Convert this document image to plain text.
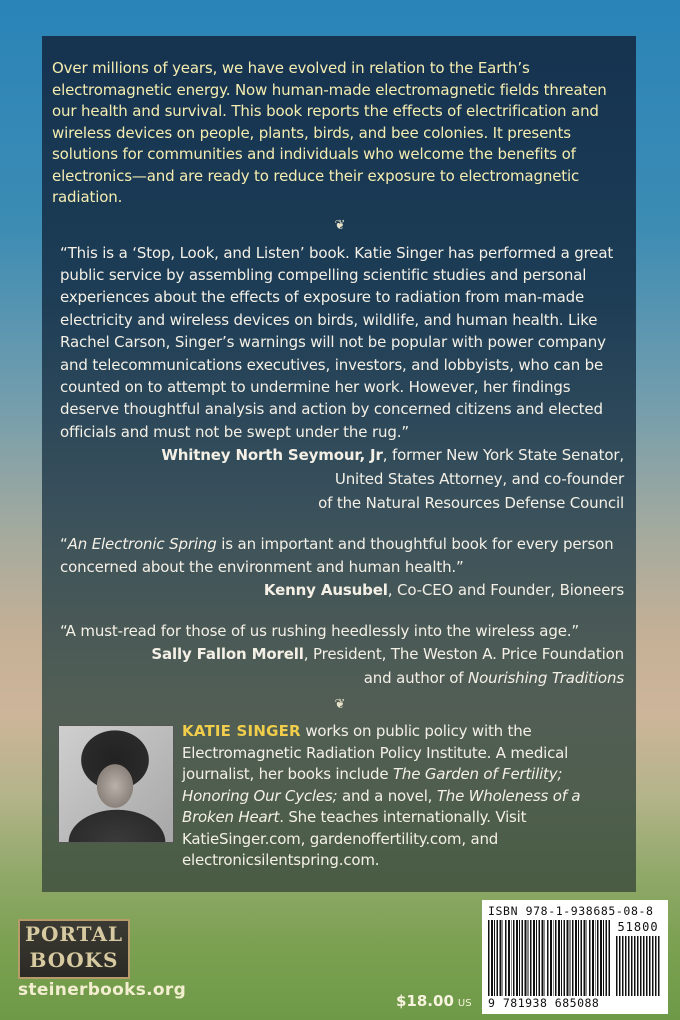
Over millions of years, we have evolved in relation to the Earth’s electromagnetic energy. Now human-made electromagnetic fields threaten our health and survival. This book reports the effects of electrification and wireless devices on people, plants, birds, and bee colonies. It presents solutions for communities and individuals who welcome the benefits of electronics—and are ready to reduce their exposure to electromagnetic radiation.

❦

“This is a ‘Stop, Look, and Listen’ book. Katie Singer has performed a great public service by assembling compelling scientific studies and personal experiences about the effects of exposure to radiation from man-made electricity and wireless devices on birds, wildlife, and human health. Like Rachel Carson, Singer’s warnings will not be popular with power company and telecommunications executives, investors, and lobbyists, who can be counted on to attempt to undermine her work. However, her findings deserve thoughtful analysis and action by concerned citizens and elected officials and must not be swept under the rug.”

Whitney North Seymour, Jr, former New York State Senator,
United States Attorney, and co-founder
of the Natural Resources Defense Council

“An Electronic Spring is an important and thoughtful book for every person concerned about the environment and human health.”

Kenny Ausubel, Co-CEO and Founder, Bioneers

“A must-read for those of us rushing heedlessly into the wireless age.”

Sally Fallon Morell, President, The Weston A. Price Foundation
and author of Nourishing Traditions

❦
KATIE SINGER works on public policy with the Electromagnetic Radiation Policy Institute. A medical journalist, her books include The Garden of Fertility; Honoring Our Cycles; and a novel, The Wholeness of a Broken Heart. She teaches internationally. Visit KatieSinger.com, gardenoffertility.com, and electronicsilentspring.com.
PORTAL
BOOKS
steinerbooks.org
$18.00 US
ISBN 978-1-938685-08-8
51800
9 781938 685088
